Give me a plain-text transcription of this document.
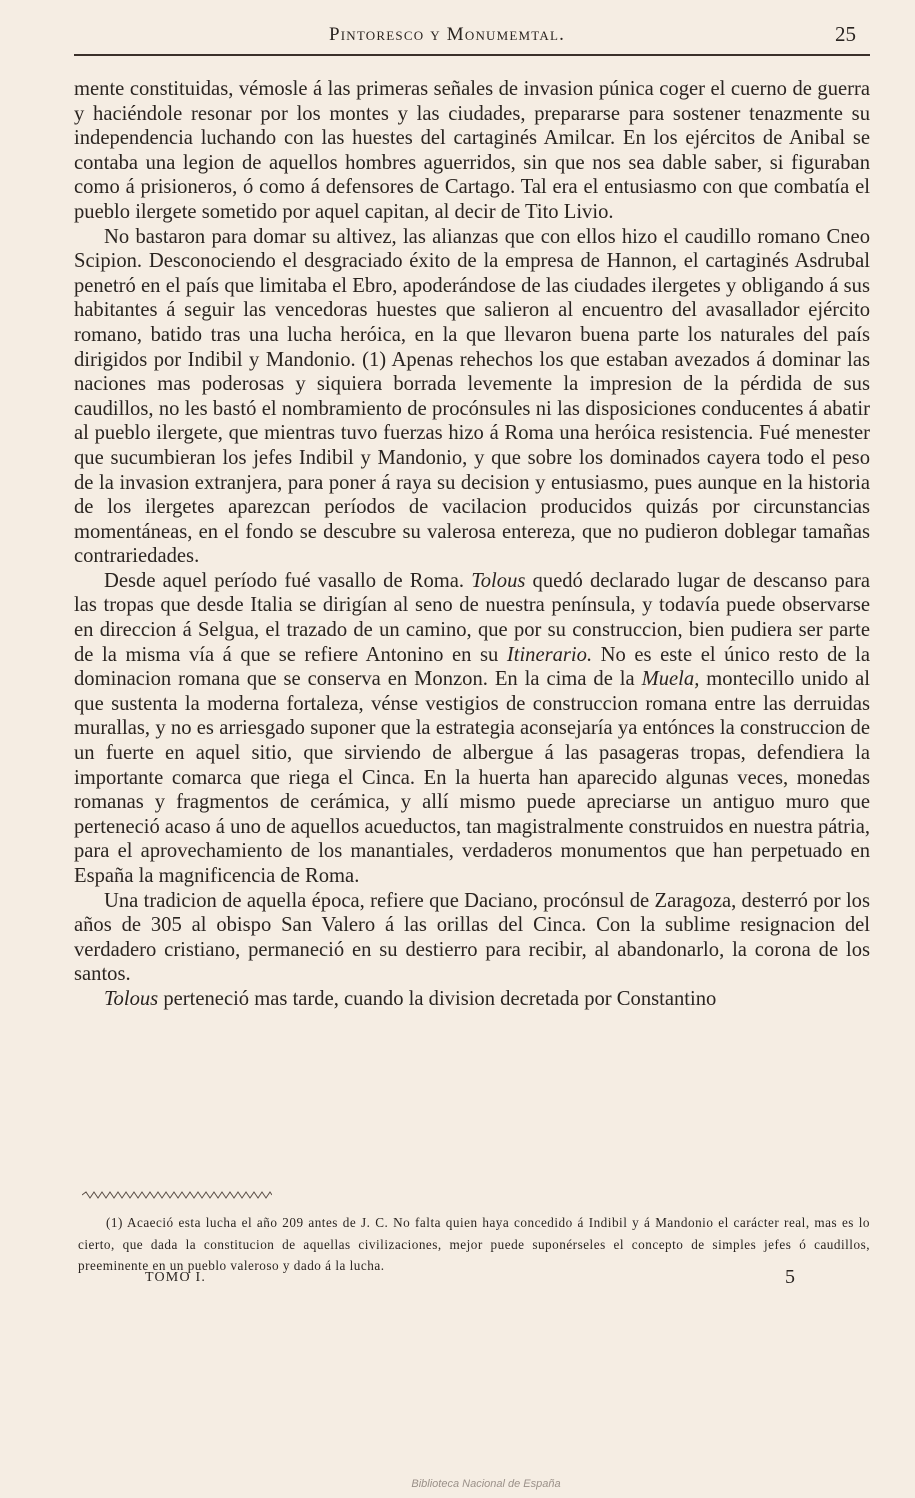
Pintoresco y Monumemtal.	25

mente constituidas, vémosle á las primeras señales de invasion púnica coger el cuerno de guerra y haciéndole resonar por los montes y las ciudades, prepararse para sostener tenazmente su independencia luchando con las huestes del cartaginés Amilcar. En los ejércitos de Anibal se contaba una legion de aquellos hombres aguerridos, sin que nos sea dable saber, si figuraban como á prisioneros, ó como á defensores de Cartago. Tal era el entusiasmo con que combatía el pueblo ilergete sometido por aquel capitan, al decir de Tito Livio.

No bastaron para domar su altivez, las alianzas que con ellos hizo el caudillo romano Cneo Scipion. Desconociendo el desgraciado éxito de la empresa de Hannon, el cartaginés Asdrubal penetró en el país que limitaba el Ebro, apoderándose de las ciudades ilergetes y obligando á sus habitantes á seguir las vencedoras huestes que salieron al encuentro del avasallador ejército romano, batido tras una lucha heróica, en la que llevaron buena parte los naturales del país dirigidos por Indibil y Mandonio. (1) Apenas rehechos los que estaban avezados á dominar las naciones mas poderosas y siquiera borrada levemente la impresion de la pérdida de sus caudillos, no les bastó el nombramiento de procónsules ni las disposiciones conducentes á abatir al pueblo ilergete, que mientras tuvo fuerzas hizo á Roma una heróica resistencia. Fué menester que sucumbieran los jefes Indibil y Mandonio, y que sobre los dominados cayera todo el peso de la invasion extranjera, para poner á raya su decision y entusiasmo, pues aunque en la historia de los ilergetes aparezcan períodos de vacilacion producidos quizás por circunstancias momentáneas, en el fondo se descubre su valerosa entereza, que no pudieron doblegar tamañas contrariedades.

Desde aquel período fué vasallo de Roma. Tolous quedó declarado lugar de descanso para las tropas que desde Italia se dirigían al seno de nuestra península, y todavía puede observarse en direccion á Selgua, el trazado de un camino, que por su construccion, bien pudiera ser parte de la misma vía á que se refiere Antonino en su Itinerario. No es este el único resto de la dominacion romana que se conserva en Monzon. En la cima de la Muela, montecillo unido al que sustenta la moderna fortaleza, vénse vestigios de construccion romana entre las derruidas murallas, y no es arriesgado suponer que la estrategia aconsejaría ya entónces la construccion de un fuerte en aquel sitio, que sirviendo de albergue á las pasageras tropas, defendiera la importante comarca que riega el Cinca. En la huerta han aparecido algunas veces, monedas romanas y fragmentos de cerámica, y allí mismo puede apreciarse un antiguo muro que perteneció acaso á uno de aquellos acueductos, tan magistralmente construidos en nuestra pátria, para el aprovechamiento de los manantiales, verdaderos monumentos que han perpetuado en España la magnificencia de Roma.

Una tradicion de aquella época, refiere que Daciano, procónsul de Zaragoza, desterró por los años de 305 al obispo San Valero á las orillas del Cinca. Con la sublime resignacion del verdadero cristiano, permaneció en su destierro para recibir, al abandonarlo, la corona de los santos.

Tolous perteneció mas tarde, cuando la division decretada por Constantino

(1) Acaeció esta lucha el año 209 antes de J. C. No falta quien haya concedido á Indibil y á Mandonio el carácter real, mas es lo cierto, que dada la constitucion de aquellas civilizaciones, mejor puede suponérseles el concepto de simples jefes ó caudillos, preeminente en un pueblo valeroso y dado á la lucha.

TOMO I.	5
Biblioteca Nacional de España
